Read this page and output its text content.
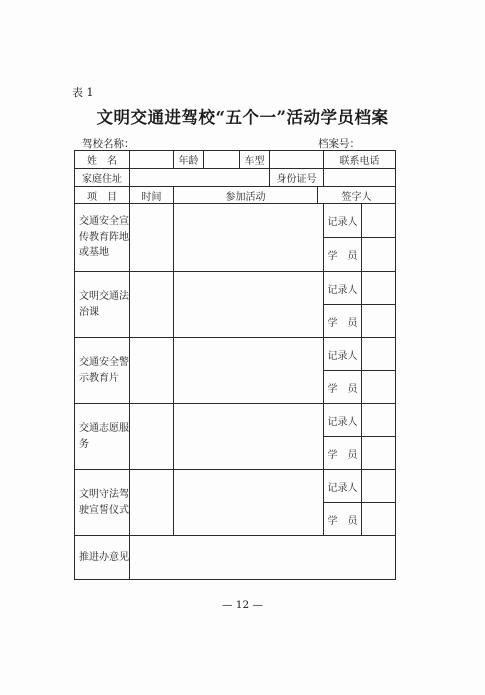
表 1
文明交通进驾校“五个一”活动学员档案
驾校名称：	档案号：
姓　名		年龄		车型			联系电话	
家庭住址					身份证号			
项　目	时间	参加活动				签字人		
交通安全宣传教育阵地或基地							记录人	
							学　员	
文明交通法治课							记录人	
							学　员	
交通安全警示教育片							记录人	
							学　员	
交通志愿服务							记录人	
							学　员	
文明守法驾驶宣誓仪式							记录人	
							学　员	
推进办意见								
— 12 —
